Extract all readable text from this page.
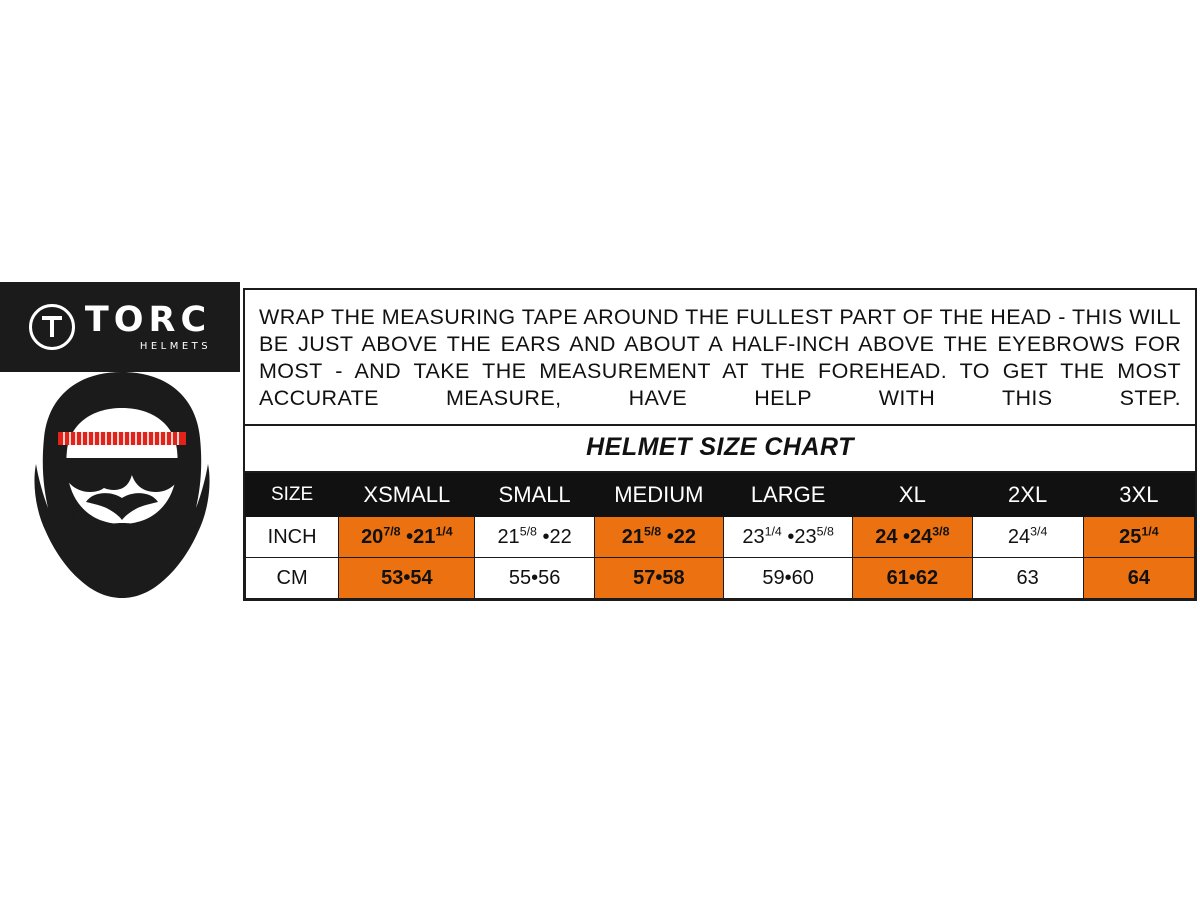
TORC
HELMETS
WRAP THE MEASURING TAPE AROUND THE FULLEST PART OF THE HEAD - THIS WILL BE JUST ABOVE THE EARS AND ABOUT A HALF-INCH ABOVE THE EYEBROWS FOR MOST - AND TAKE THE MEASUREMENT AT THE FOREHEAD. TO GET THE MOST ACCURATE MEASURE, HAVE HELP WITH THIS STEP.
HELMET SIZE CHART
SIZE	XSMALL	SMALL	MEDIUM	LARGE	XL	2XL	3XL
INCH	$20^{7/8}$ $•21^{1/4}$	$21^{5/8}$ •22	$21^{5/8}$ •22	$23^{1/4}$ $•23^{5/8}$	24 $•24^{3/8}$	$24^{3/4}$	$25^{1/4}$
CM	53•54	55•56	57•58	59•60	61•62	63	64
